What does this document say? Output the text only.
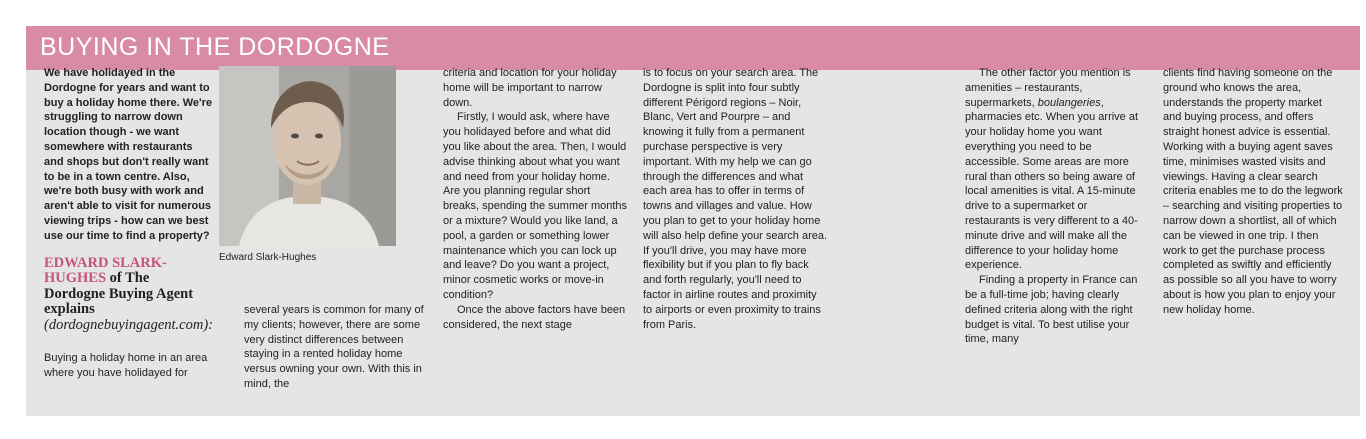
BUYING IN THE DORDOGNE

We have holidayed in the Dordogne for years and want to buy a holiday home there. We're struggling to narrow down location though - we want somewhere with restaurants and shops but don't really want to be in a town centre. Also, we're both busy with work and aren't able to visit for numerous viewing trips - how can we best use our time to find a property?

EDWARD SLARK-HUGHES of The Dordogne Buying Agent explains (dordognebuyingagent.com):
Edward Slark-Hughes

Buying a holiday home in an area where you have holidayed for

several years is common for many of my clients; however, there are some very distinct differences between staying in a rented holiday home versus owning your own. With this in mind, the

criteria and location for your holiday home will be important to narrow down.

Firstly, I would ask, where have you holidayed before and what did you like about the area. Then, I would advise thinking about what you want and need from your holiday home. Are you planning regular short breaks, spending the summer months or a mixture? Would you like land, a pool, a garden or something lower maintenance which you can lock up and leave? Do you want a project, minor cosmetic works or move-in condition?

Once the above factors have been considered, the next stage

is to focus on your search area. The Dordogne is split into four subtly different Périgord regions – Noir, Blanc, Vert and Pourpre – and knowing it fully from a permanent purchase perspective is very important. With my help we can go through the differences and what each area has to offer in terms of towns and villages and value. How you plan to get to your holiday home will also help define your search area. If you'll drive, you may have more flexibility but if you plan to fly back and forth regularly, you'll need to factor in airline routes and proximity to airports or even proximity to trains from Paris.

The other factor you mention is amenities – restaurants, supermarkets, boulangeries, pharmacies etc. When you arrive at your holiday home you want everything you need to be accessible. Some areas are more rural than others so being aware of local amenities is vital. A 15-minute drive to a supermarket or restaurants is very different to a 40-minute drive and will make all the difference to your holiday home experience.

Finding a property in France can be a full-time job; having clearly defined criteria along with the right budget is vital. To best utilise your time, many

clients find having someone on the ground who knows the area, understands the property market and buying process, and offers straight honest advice is essential. Working with a buying agent saves time, minimises wasted visits and viewings. Having a clear search criteria enables me to do the legwork – searching and visiting properties to narrow down a shortlist, all of which can be viewed in one trip. I then work to get the purchase process completed as swiftly and efficiently as possible so all you have to worry about is how you plan to enjoy your new holiday home.
